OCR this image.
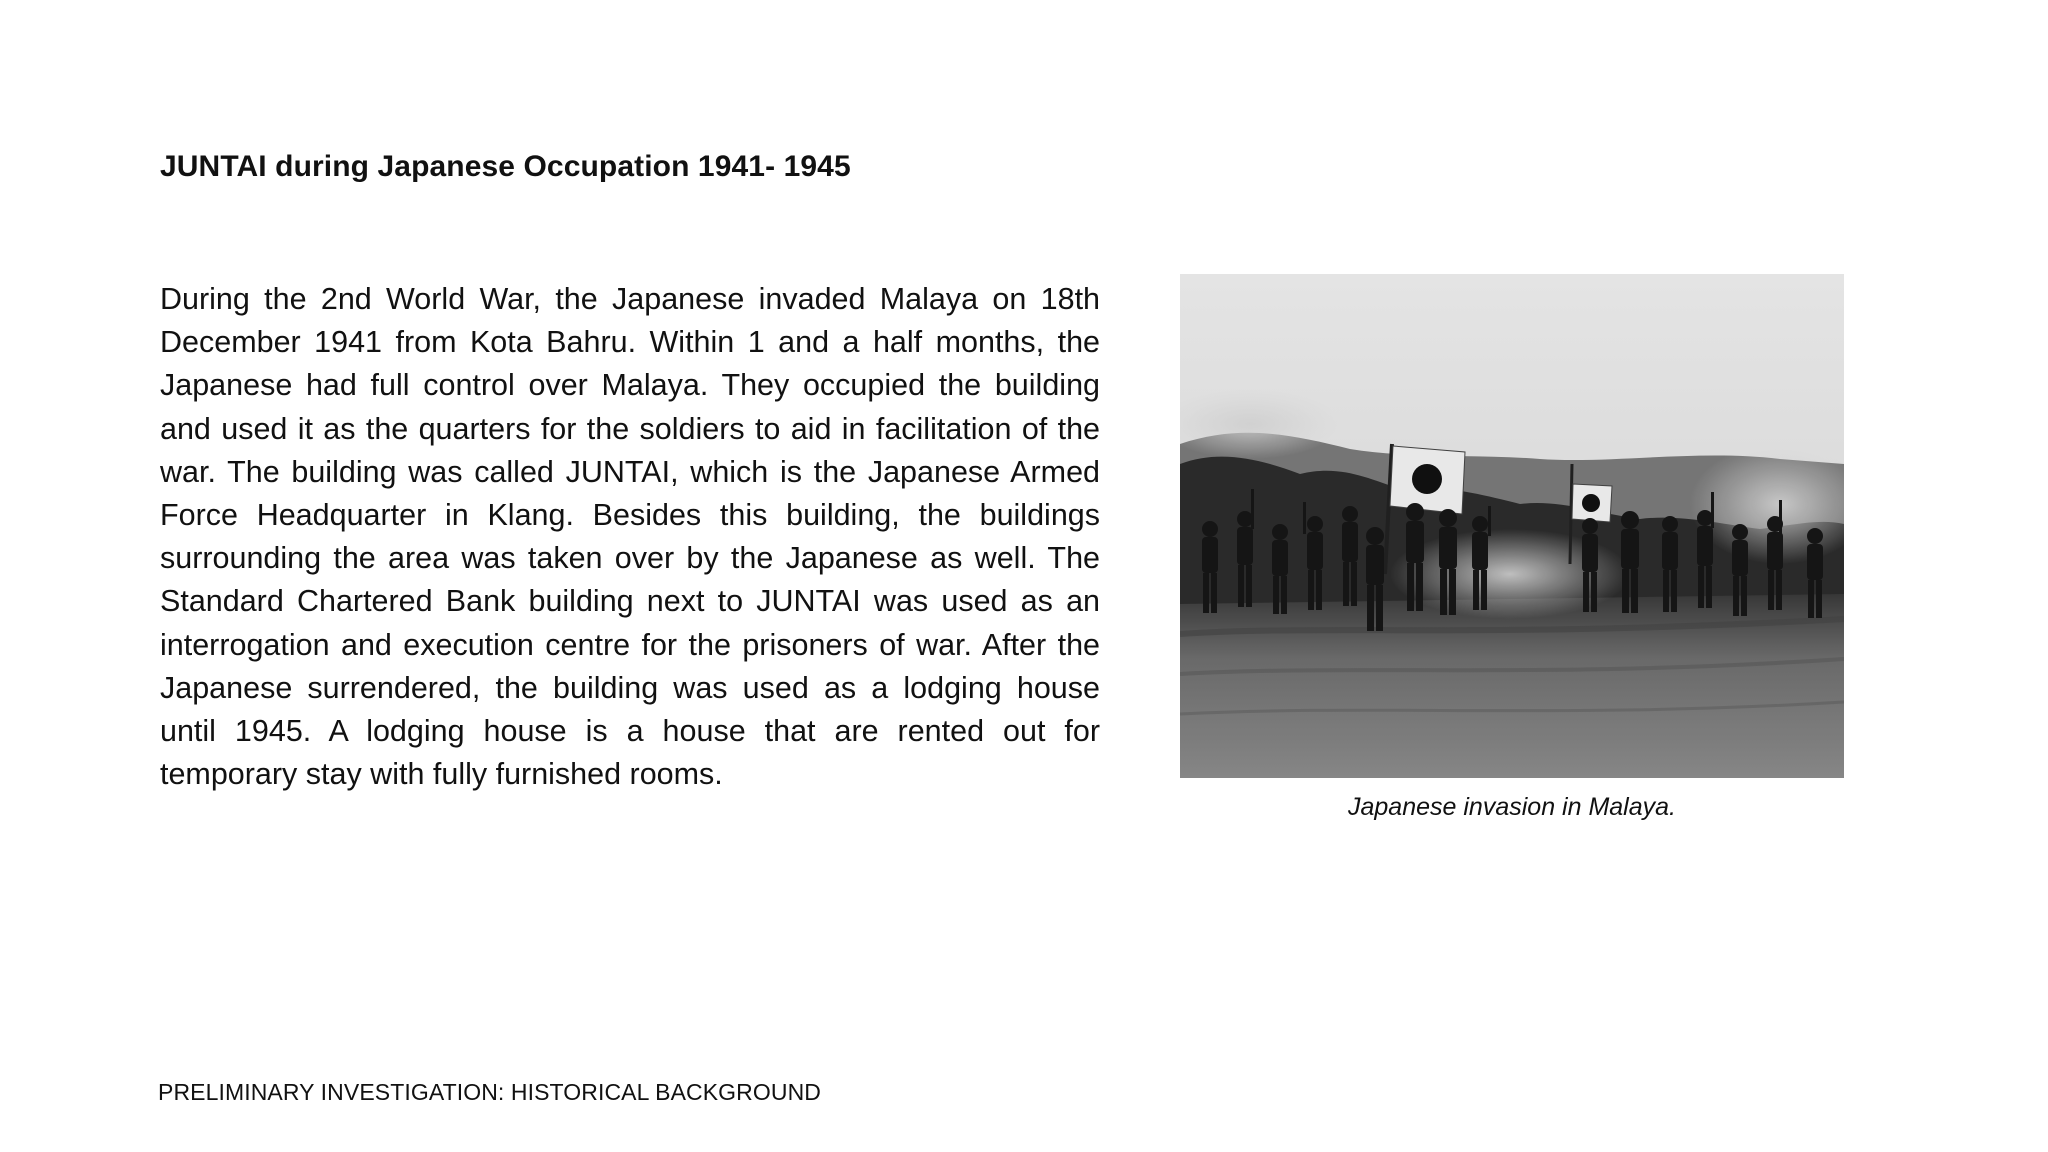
JUNTAI during Japanese Occupation 1941- 1945
During the 2nd World War, the Japanese invaded Malaya on 18th December 1941 from Kota Bahru. Within 1 and a half months, the Japanese had full control over Malaya. They occupied the building and used it as the quarters for the soldiers to aid in facilitation of the war. The building was called JUNTAI, which is the Japanese Armed Force Headquarter in Klang. Besides this building, the buildings surrounding the area was taken over by the Japanese as well. The Standard Chartered Bank building next to JUNTAI was used as an interrogation and execution centre for the prisoners of war. After the Japanese surrendered, the building was used as a lodging house until 1945. A lodging house is a house that are rented out for temporary stay with fully furnished rooms.
Japanese invasion in Malaya.
PRELIMINARY INVESTIGATION: HISTORICAL BACKGROUND
